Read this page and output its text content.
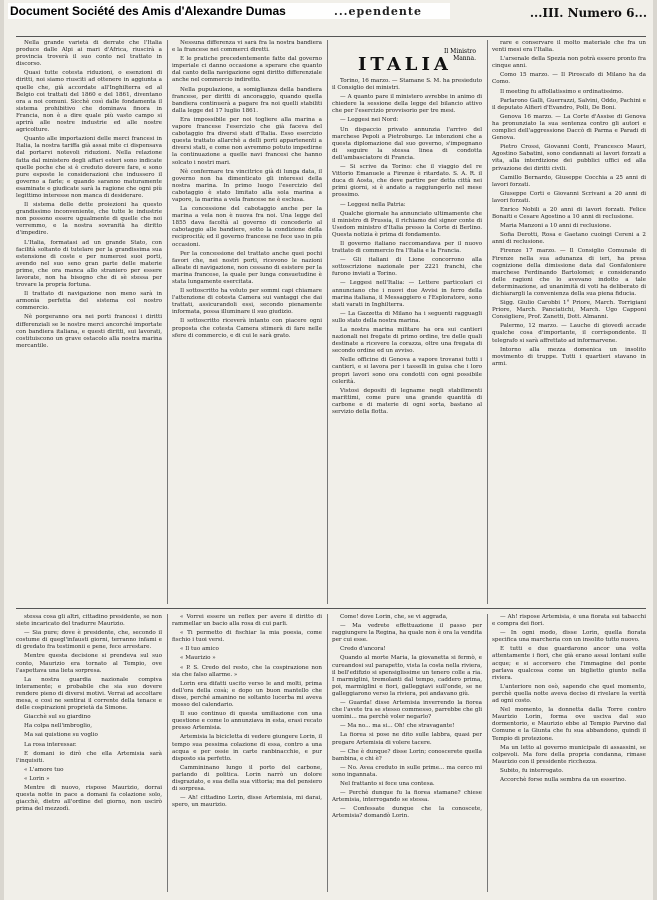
Document Société des Amis d'Alexandre Dumas	...ependente	...III. Numero 6...

Nella grande varietà di derrate che l'Italia produce dalle Alpi ai mari d'Africa, riuscirà a provincia troverà il suo conto nel trattato in discorso.

Quasi tutte cotesta riduzioni, o esenzioni di diritti, noi siamo riusciti ad ottenere in aggiunta a quelle che, già accordate all'Inghilterra ed al Belgio coi trattati del 1860 e del 1861, diventano ora a noi comuni. Sicchè così dalle fondamenta il sistema prohibitivo che dominava finora in Francia, non è a dire quale più vasto campo si aprirà alle nostre industrie ed alle nostre agricolture.

Quanto alle importazioni delle merci francesi in Italia, la nostra tariffa già assai mite ci dispensava dal portarvi notevoli riduzioni. Nella relazione fatta dal ministero degli affari esteri sono indicate quelle poche che si è creduto dovere fare, e sono pure esposte le considerazioni che indussero il governo a farle; e quando saranno maturamente esaminate e giudicate sarà la ragione che ogni più legittimo interesse non manca di desiderare.

Il sistema delle dette proiezioni ha questo grandissimo inconveniente, che tutte le industrie non possono essere ugualmente di quelle che noi verremmo, e la nostra sovranità ha diritto d'impedire.

L'Italia, formatasi ad un grande Stato, con facilità soltanto di tutelare per la grandissima sua estensione di coste e per numerosi suoi porti, avendo nel suo seno gran parte delle materie prime, che ora manca allo straniero per essere lavorate, non ha bisogno che di sè stessa per trovare la propria fortuna.

Il trattato di navigazione non meno sarà in armonia perfetta del sistema col nostro commercio.

Nè porgeranno ora nei porti francesi i diritti differenziali se le nostre merci ancorché importate con bandiera italiana, e questi diritti, sui lavorati, costituiscono un grave ostacolo alla nostra marina mercantile.

Nessuna differenza vi sarà fra la nostra bandiera e la francese nei commerci diretti.

E le pratiche precedentemente fatte dal governo imperiale ci danno occasione a sperare che quanto dal canto della navigazione ogni diritto differenziale anche nel commercio indiretto.

Nella pupulazione, a somiglianza della bandiera francese, per diritti di ancoraggio, quando quella bandiera continuerà a pagare fra noi quelli stabiliti dalla legge del 17 luglio 1861.

Era impossibile per noi togliere alla marina a vapore francese l'esercizio che già faceva del cabotaggio fra diversi stati d'Italia. Esso esercizio questa trattato allarchè a delli porti appartenenti a diversi stati, e come non avremmo potuto impedirne la continuazione a quelle navi francesi che hanno solcato i nostri mari.

Nè confermare tra vincitrice già di lunga data, il governo non ha dimenticato gli interessi della nostra marina. In primo luogo l'esercizio del cabotaggio è stato limitato alla sola marina a vapore, la marina a vela francese ne è esclusa.

La concessione del cabotaggio anche per la marina a vela non è nuova fra noi. Una legge del 1855 dava facoltà al governo di concederlo al cabotaggio alle bandiere, sotto la condizione della reciprocità; ed il governo francese ne fece uso in più occasioni.

Per la concessione del trattato anche quei pochi favori che, nei nostri porti, ricevono le nazioni alleate di navigazione, non cessano di esistere per la marina francese, la quale per lunga consuetudine è stata lungamente esercitata.

Il sottoscritto ha voluto per sommi capi chiamare l'attenzione di cotesta Camera sui vantaggi che dai trattati, assicurandoli essi, secondo pienamente informata, possa illuminare il suo giudizio.

Il sottoscritto riceverà intanto con piacere ogni proposta che cotesta Camera stimerà di fare nelle sfere di commercio, e di cui le sarà grato.

ITALIA
Il Ministro
Manna.

Torino, 16 marzo. — Stamane S. M. ha presieduto il Consiglio dei ministri.

— A quanto pare il ministero avrebbe in animo di chiedere la sessione della legge del bilancio attivo che per l'esercizio provvisorio per tre mesi.

— Leggesi nei Nord:

Un dispaccio privato annunzia l'arrivo del marchese Pepoli a Pietroburgo. Le intenzioni che a questa diplomazione dal suo governo, s'impegnano di seguire la stessa linea di condotta dell'ambasciatore di Francia.

— Si scrive da Torino: che il viaggio del re Vittorio Emanuele a Firenze è ritardato. S. A. R. il duca di Aosta, che deve partire per detta città nei primi giorni, si è andato a raggiungerlo nel mese prossimo.

— Leggesi nella Patria:

Qualche giornale ha annunciato ultimamente che il ministro di Prussia, il richiamo del signor conte di Usedom ministro d'Italia presso la Corte di Berlino. Questa notizia è prima di fondamento.

Il governo italiano raccomandava per il nuovo trattato di commercio fra l'Italia e la Francia.

— Gli italiani di Lione concorrono alla sottoscrizione nazionale per 2221 franchi, che furono inviati a Torino.

— Leggesi nell'Italia: — Lettere particolari ci annunciano che i nuovi due Avvisi in ferro della marina italiana, il Messaggiero e l'Esploratore, sono stati varati in Inghilterra.

— La Gazzetta di Milano ha i seguenti ragguagli sullo stato della nostra marina.

La nostra marina militare ha ora sui cantieri nazionali nei fregate di primo ordine, tre delle quali destinate a ricevere la corazza, oltre una fregata di secondo ordine ed un avviso.

Nelle officine di Genova a vapore trovansi tutti i cantieri, e si lavora per i tasselli in guisa che i loro propri lavori sono ora condotti con ogni possibile celerità.

Vistosi depositi di legname negli stabilimenti marittimi, come pure una grande quantità di carbone e di materie di ogni sorta, bastano al servizio della flotta.

rare e conservare il molto materiale che fra un venti mesi era l'Italia.

L'arsenale della Spezia non potrà essere pronto fra cinque anni.

Como 15 marzo. — Il Piroscafo di Milano ha da Como.

Il meeting fu affollatissimo e ordinatissimo.

Parlarono Galli, Guerrazzi, Salvini, Oddo, Pachini e il deputato Alfieri d'Evandro, Polli, De Boni.

Genova 16 marzo. — La Corte d'Assise di Genova ha pronunziato la sua sentenza contro gli autori e complici dell'aggressione Daccò di Parma e Paradi di Genova.

Pietro Crossi, Giovanni Conti, Francesco Mauri, Agostino Sabatini, sono condannati ai lavori forzati a vita, alla interdizione dei pubblici uffici ed alla privazione dei diritti civili.

Camillo Bernardo, Giuseppe Cocchia a 25 anni di lavori forzati.

Giuseppe Corti e Giovanni Scrivani a 20 anni di lavori forzati.

Enrico Nobili a 20 anni di lavori forzati. Felice Bonaiti e Cesare Agostino a 10 anni di reclusione.

Maria Manzoni a 10 anni di reclusione.

Sofia Derotti, Rosa e Gaetano cuoingi Cereni a 2 anni di reclusione.

Firenze 17 marzo. — Il Consiglio Comunale di Firenze nella sua adunanza di ieri, ha presa cognizione della dimissione data dal Gonfaloniere marchese Ferdinando Bartolomei; e considerando delle ragioni che lo avevano indotto a tale determinazione, ad unanimità di voti ha deliberato di dichiarargli la convenienza della sua piena fiducia.

Sigg. Giulio Carobbi 1° Priore, March. Torrigiani Priore, March. Panciatichi, March. Ugo Capponi Consigliere, Prof. Zanetti, Dott. Almanni.

Palermo, 12 marzo. — Lauche di giovedì accade qualche cosa d'importante, il corrispondente. Il telegrafo si sarà affrettato ad informarvene.

Intorno alla mezza domenica un insolito movimento di truppe. Tutti i quartieri stavano in armi.

stessa cosa gli altri, cittadino presidente, se non siete incaricato del tradurre Maurizio.

— Sia pure; dove è presidente, che, secondo il costume di quegl'infausti giorni, terranno infami e di gredato fra testimonii e pene, fece arrestare.

Mentre questa decisione si prendeva sul suo conto, Maurizio era tornato al Tempio, ove l'aspettava una lieta sorpresa.

La nostra guardia nazionale compiva interamente; e probabile che sia suo dovere rendere pieno di diversi motivi. Verrai ad accoltare mesa, e cosi ne sentirai il corrente della tenace e delle cospirazioni proprietà da Simone.

Giacchè sul su giardino

Ha colpa nell'imbroglio,

Ma sai quistione su voglio

La rosa interessar.

E domani io dirò che ella Artemisia sarà l'inquisiti.

« L'amore tuo

« Lorin »

Mentre di nuovo, rispose Maurizio, dorrai questa notte in pace a domani fa colazione solo, giacchè, dietro all'ordine del giorno, non uscirò prima del mezzodì.

« Vorrei essere un reflex per avere il diritto di rammellar un bacio alla rosa di cui parli.

« Ti permetto di fischiar la mia poesia, come fischio i tuoi versi.

« Il tuo amico

« Maurizio »

« P. S. Credo del resto, che la cospirazione non sia che falso allarme. »

Lorin era difatti uscito verso le and molti, prima dell'ora della cosà; e dopo un buon mantello che disse, perché amanino ne soltanto lucerba mi aveva mosso del calendario.

Il suo continuo di questa umiliazione con una questione e come lo annunziava in esta, erasi recato presso Artemisia.

Artemisia la bicicletta di vedere giungere Lorin, il tempo sua pessima colazione di essa, contro a una acqua e per ossie in carte ranbinacchie, e pur disposto sia perfetto.

Cammininano lungo il porto del carbone, parlando di politica. Lorin narrò un dolore disgraziato, e sua della sua vittoria; ma del pensiero di sorpresa.

— Ah! cittadino Lorin, disse Artemisia, mi darai, spero, un maurizio.

Come! dove Lorin, che, se vi aggrada,

— Ma vedrete effettuazione il passo per raggiungere la Regina, ha quale non è ora la vendita per cui esse.

Credo d'ancora!

Quando al morte Maria, la giovanetta si fermò, e cureandosi sul parapetto, vista la costa nella riviera, il bell'edifizio si spensiglissime un tenero colle a ria. I marmiglini, tremolanti dal tempo, caddero prima, poi, marmiglini e fiori, galleggiavi sull'onde, se ne galleggiarono verso la riviera, poi andavano giù.

— Guarda! disse Artemisia inverrendo la fiorea che l'avete tra se stesso commesso, parrebbe che gli uomini... ma perchè voler negarlo?

— Ma no... ma si... Oh! che stravagante!

La fiorea si pose ne dito sulle labbra, quasi per pregare Artemisia di volere tacere.

— Che è dunque? disse Lorin; conoscerete quella bambina, e chi è?

— No. Avea creduto in sulle prime... ma cerco mi sono ingannata.

Nel frattanto si fece una contesa.

— Perchè dunque fu la fiorea stamane? chiese Artemisia, interrogando se stessa.

— Confessate dunque che la conoscete, Artemisia? domandò Lorin.

— Ah! rispose Artemisia, è una fiorata sui tabacchi e compra dei fiori.

— In ogni modo, disse Lorin, quella fiorata specifica una marcheria con un insolito tutto nuovo.

E tutti e due guardarono ancor una volta attentamente i fiori, che già erano assai lontani sulle acque; e si accorsero che l'immagine del ponte parlava qualcosa come un biglietto giunto nella riviera.

L'anteriore non osò, sapendo che quel momento, perchè quella notte aveva deciso di rivelare la verità ad ogni costo.

Nel momento, la donnetta dalla Torre contro Maurizio Lorin, forma ove usciva dal suo dormentorio, e Maurizio ebbe al Tempio Parvino dal Comune e la Giunta che fu sua abbandono, quindi il Tempio di protezione.

Ma un letto al governo municipale di assassini, se colpevoli. Ma fore della propria condanna, rimase Maurizio con il presidente ricchezza.

Subito, fu interrogato.

Accorchè forse nulla sembra da un esserino.
